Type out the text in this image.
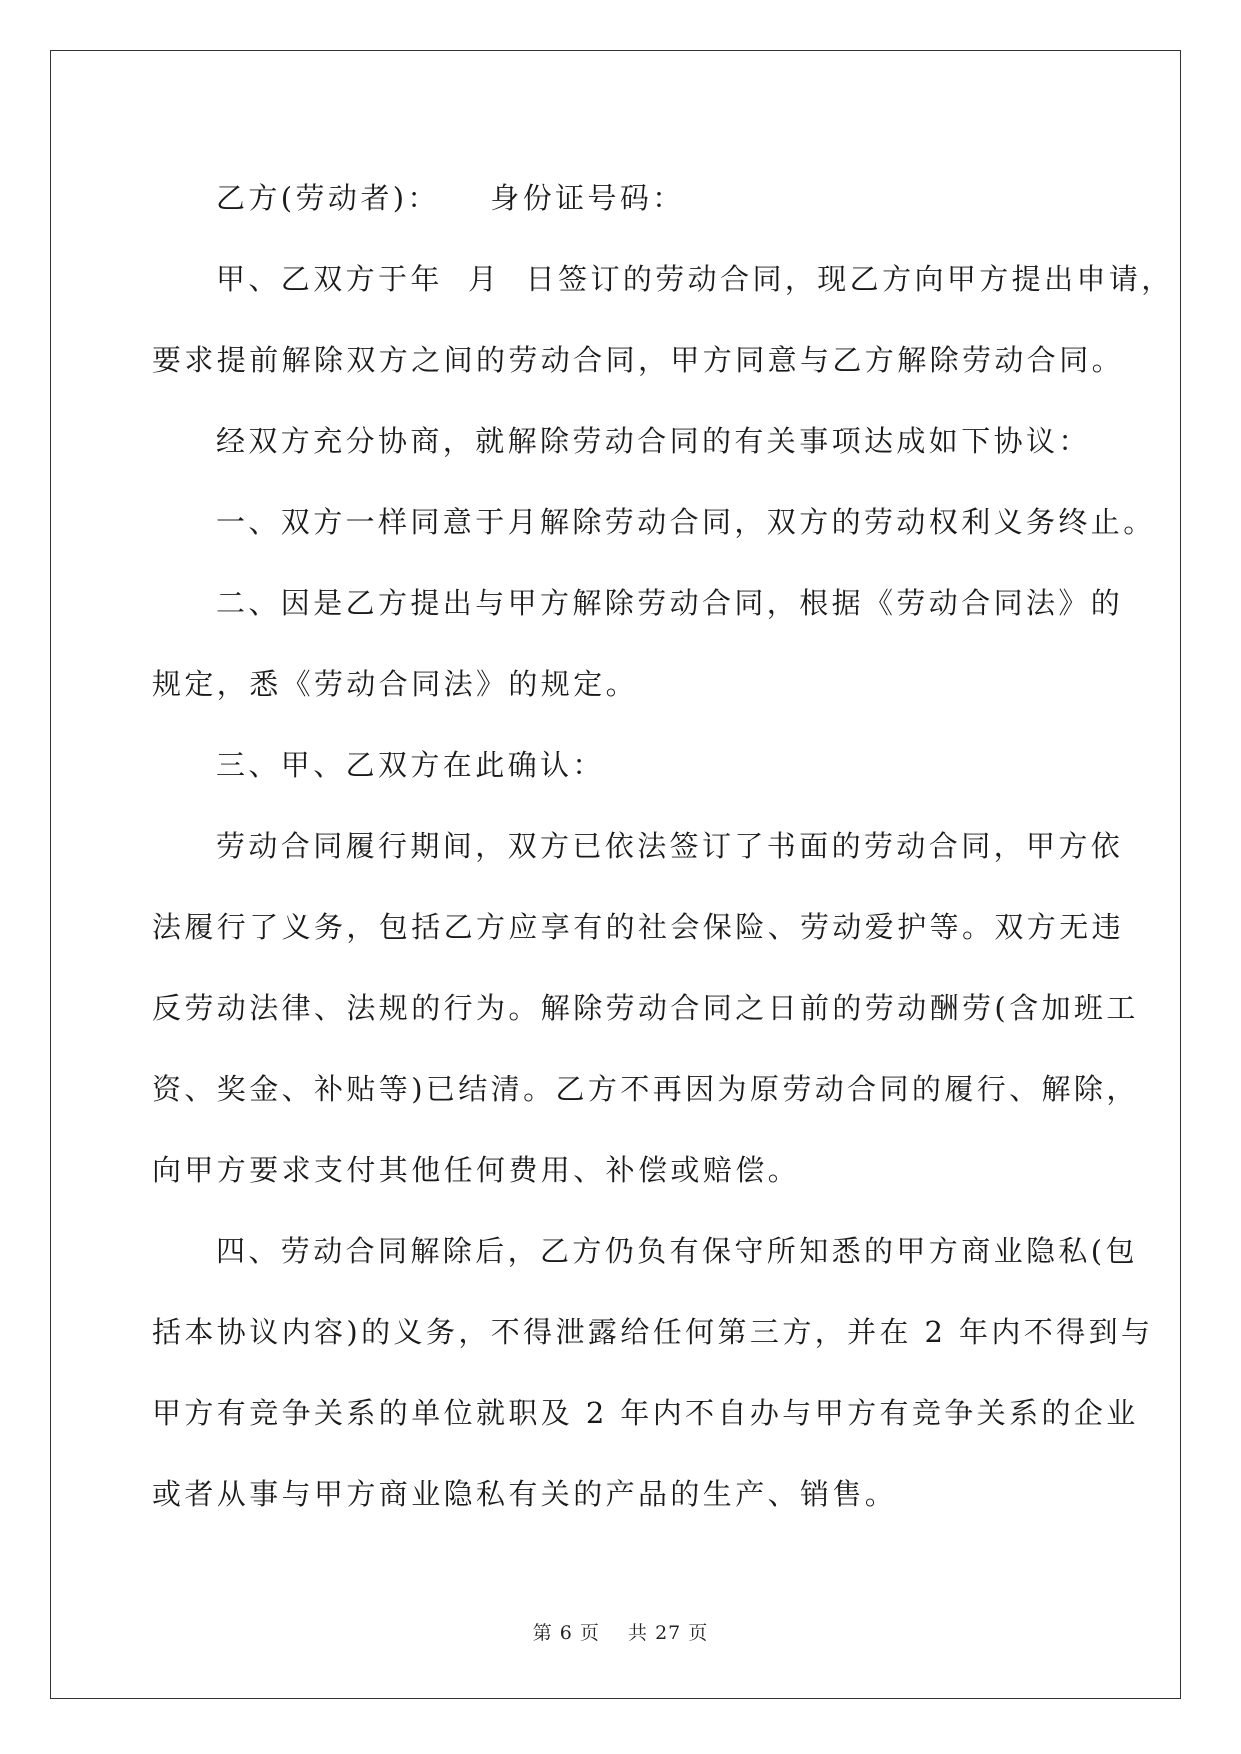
乙方(劳动者)：    身份证号码：
甲、乙双方于年  月  日签订的劳动合同，现乙方向甲方提出申请，
要求提前解除双方之间的劳动合同，甲方同意与乙方解除劳动合同。
经双方充分协商，就解除劳动合同的有关事项达成如下协议：
一、双方一样同意于月解除劳动合同，双方的劳动权利义务终止。
二、因是乙方提出与甲方解除劳动合同，根据《劳动合同法》的
规定，悉《劳动合同法》的规定。
三、甲、乙双方在此确认：
劳动合同履行期间，双方已依法签订了书面的劳动合同，甲方依
法履行了义务，包括乙方应享有的社会保险、劳动爱护等。双方无违
反劳动法律、法规的行为。解除劳动合同之日前的劳动酬劳(含加班工
资、奖金、补贴等)已结清。乙方不再因为原劳动合同的履行、解除，
向甲方要求支付其他任何费用、补偿或赔偿。
四、劳动合同解除后，乙方仍负有保守所知悉的甲方商业隐私(包
括本协议内容)的义务，不得泄露给任何第三方，并在 2 年内不得到与
甲方有竞争关系的单位就职及 2 年内不自办与甲方有竞争关系的企业
或者从事与甲方商业隐私有关的产品的生产、销售。
第 6 页 共 27 页
